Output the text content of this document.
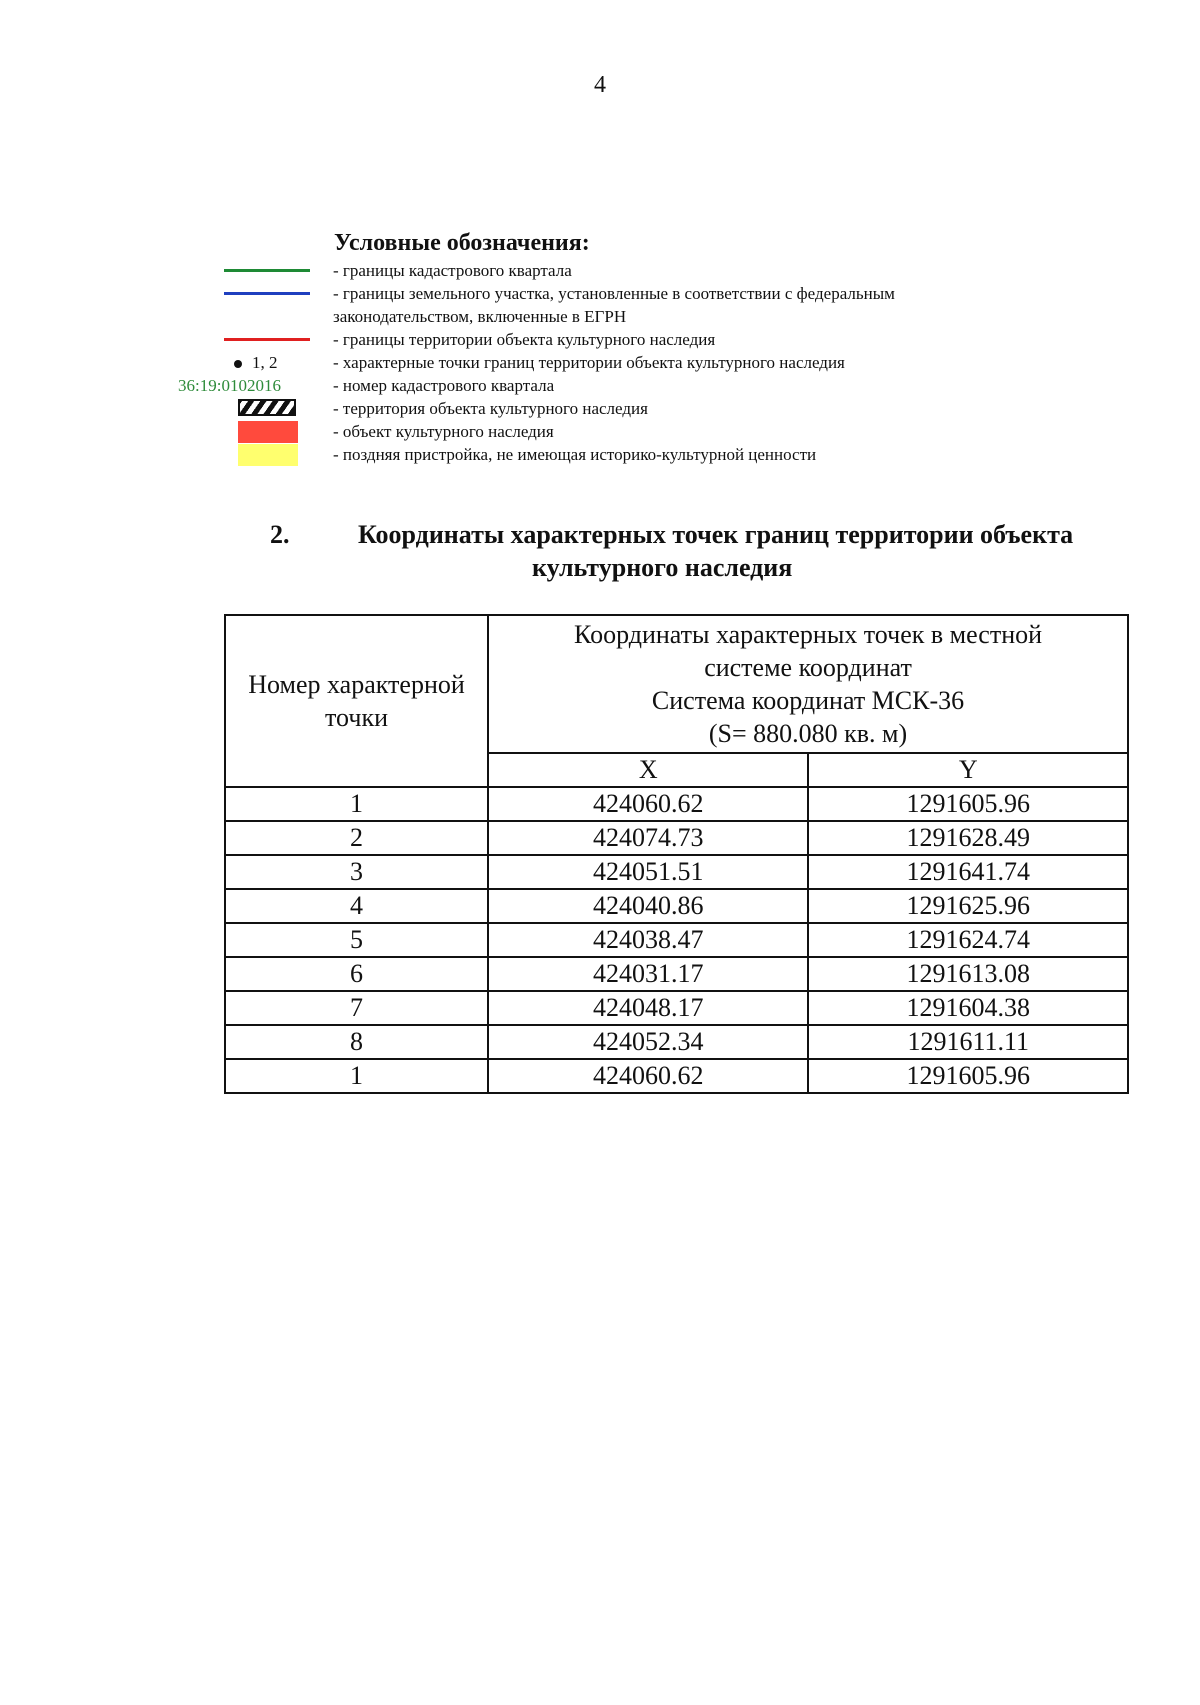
4
Условные обозначения:
- границы кадастрового квартала
- границы земельного участка, установленные в соответствии с федеральным
законодательством, включенные в ЕГРН
- границы территории объекта культурного наследия
1, 2	- характерные точки границ территории объекта культурного наследия
36:19:0102016	- номер кадастрового квартала
- территория объекта культурного наследия
- объект культурного наследия
- поздняя пристройка, не имеющая историко-культурной ценности
2.	Координаты характерных точек границ территории объекта
культурного наследия
Номер характерной
точки	Координаты характерных точек в местной
системе координат
Система координат МСК-36
(S= 880.080 кв. м)	

	X	Y
1	424060.62	1291605.96
2	424074.73	1291628.49
3	424051.51	1291641.74
4	424040.86	1291625.96
5	424038.47	1291624.74
6	424031.17	1291613.08
7	424048.17	1291604.38
8	424052.34	1291611.11
1	424060.62	1291605.96
